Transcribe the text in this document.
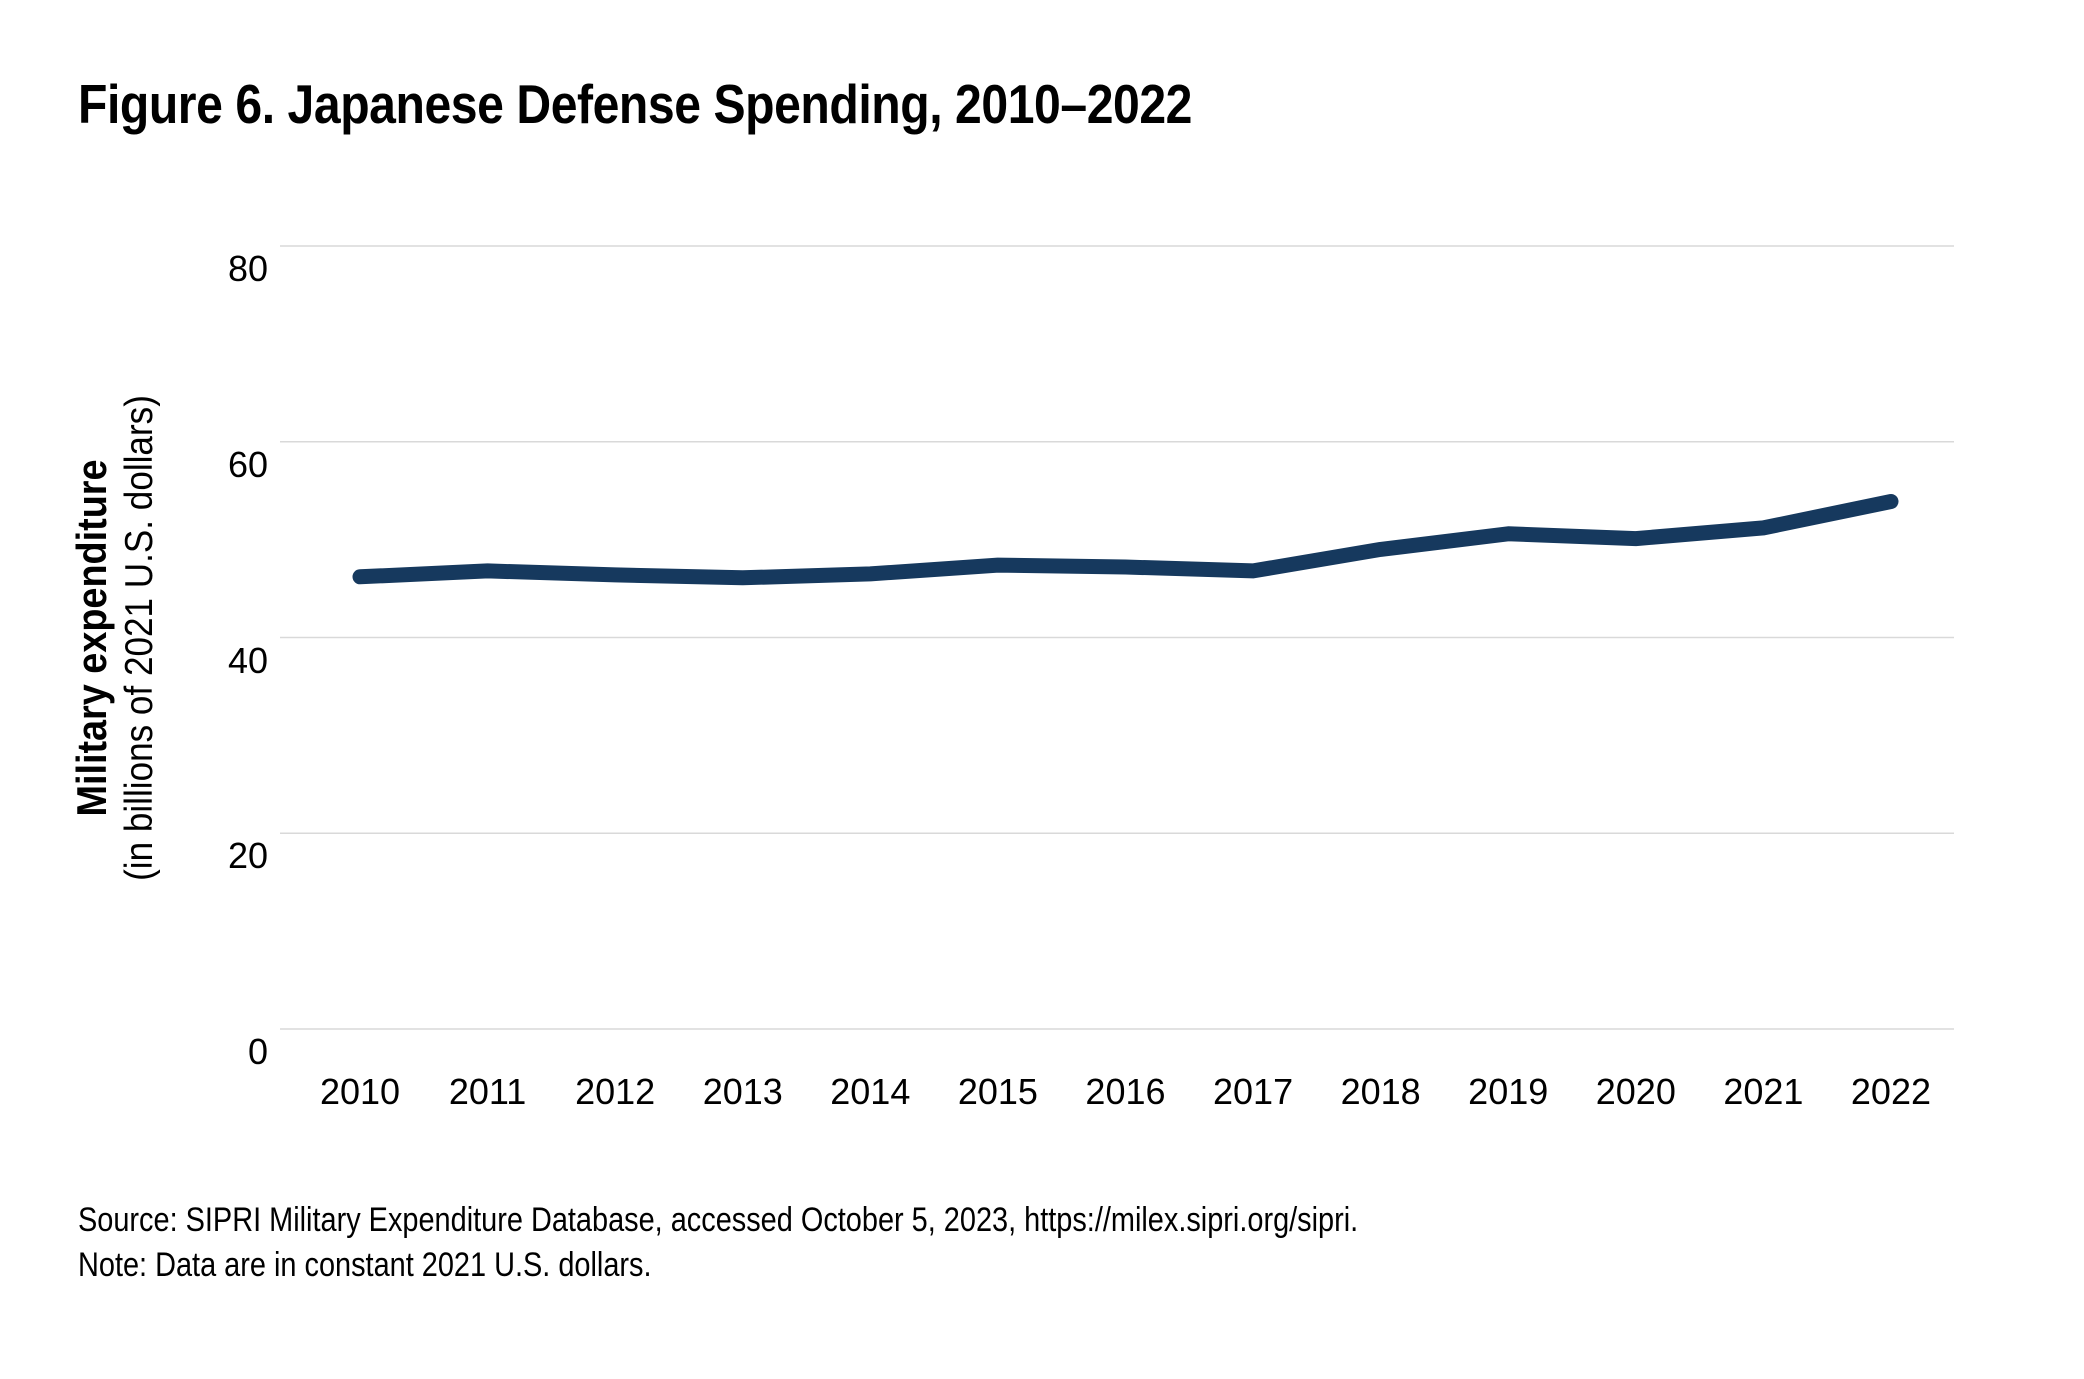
Figure 6. Japanese Defense Spending, 2010–2022
Military expenditure (in billions of 2021 U.S. dollars)
0
20
40
60
80
2010 2011 2012 2013 2014 2015 2016 2017 2018 2019 2020 2021 2022

Source: SIPRI Military Expenditure Database, accessed October 5, 2023, https://milex.sipri.org/sipri.

Note: Data are in constant 2021 U.S. dollars.
